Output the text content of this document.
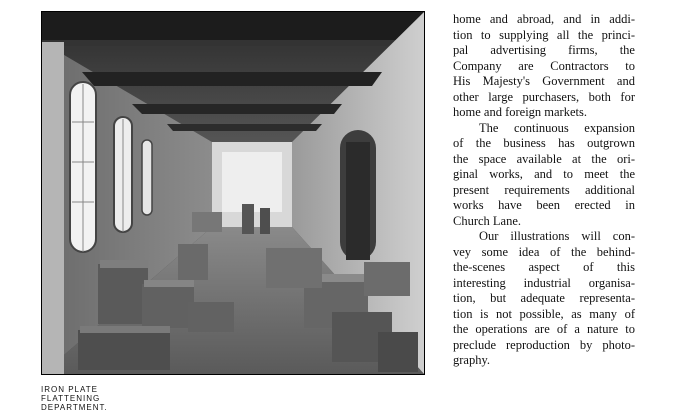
IRON PLATE
FLATTENING
DEPARTMENT.
home and abroad, and in addi-
tion to supplying all the princi-
pal advertising firms, the
Company are Contractors to
His Majesty's Government and
other large purchasers, both for
home and foreign markets.
The continuous expansion
of the business has outgrown
the space available at the ori-
ginal works, and to meet the
present requirements additional
works have been erected in
Church Lane.
Our illustrations will con-
vey some idea of the behind-
the-scenes aspect of this
interesting industrial organisa-
tion, but adequate representa-
tion is not possible, as many of
the operations are of a nature to
preclude reproduction by photo-
graphy.
